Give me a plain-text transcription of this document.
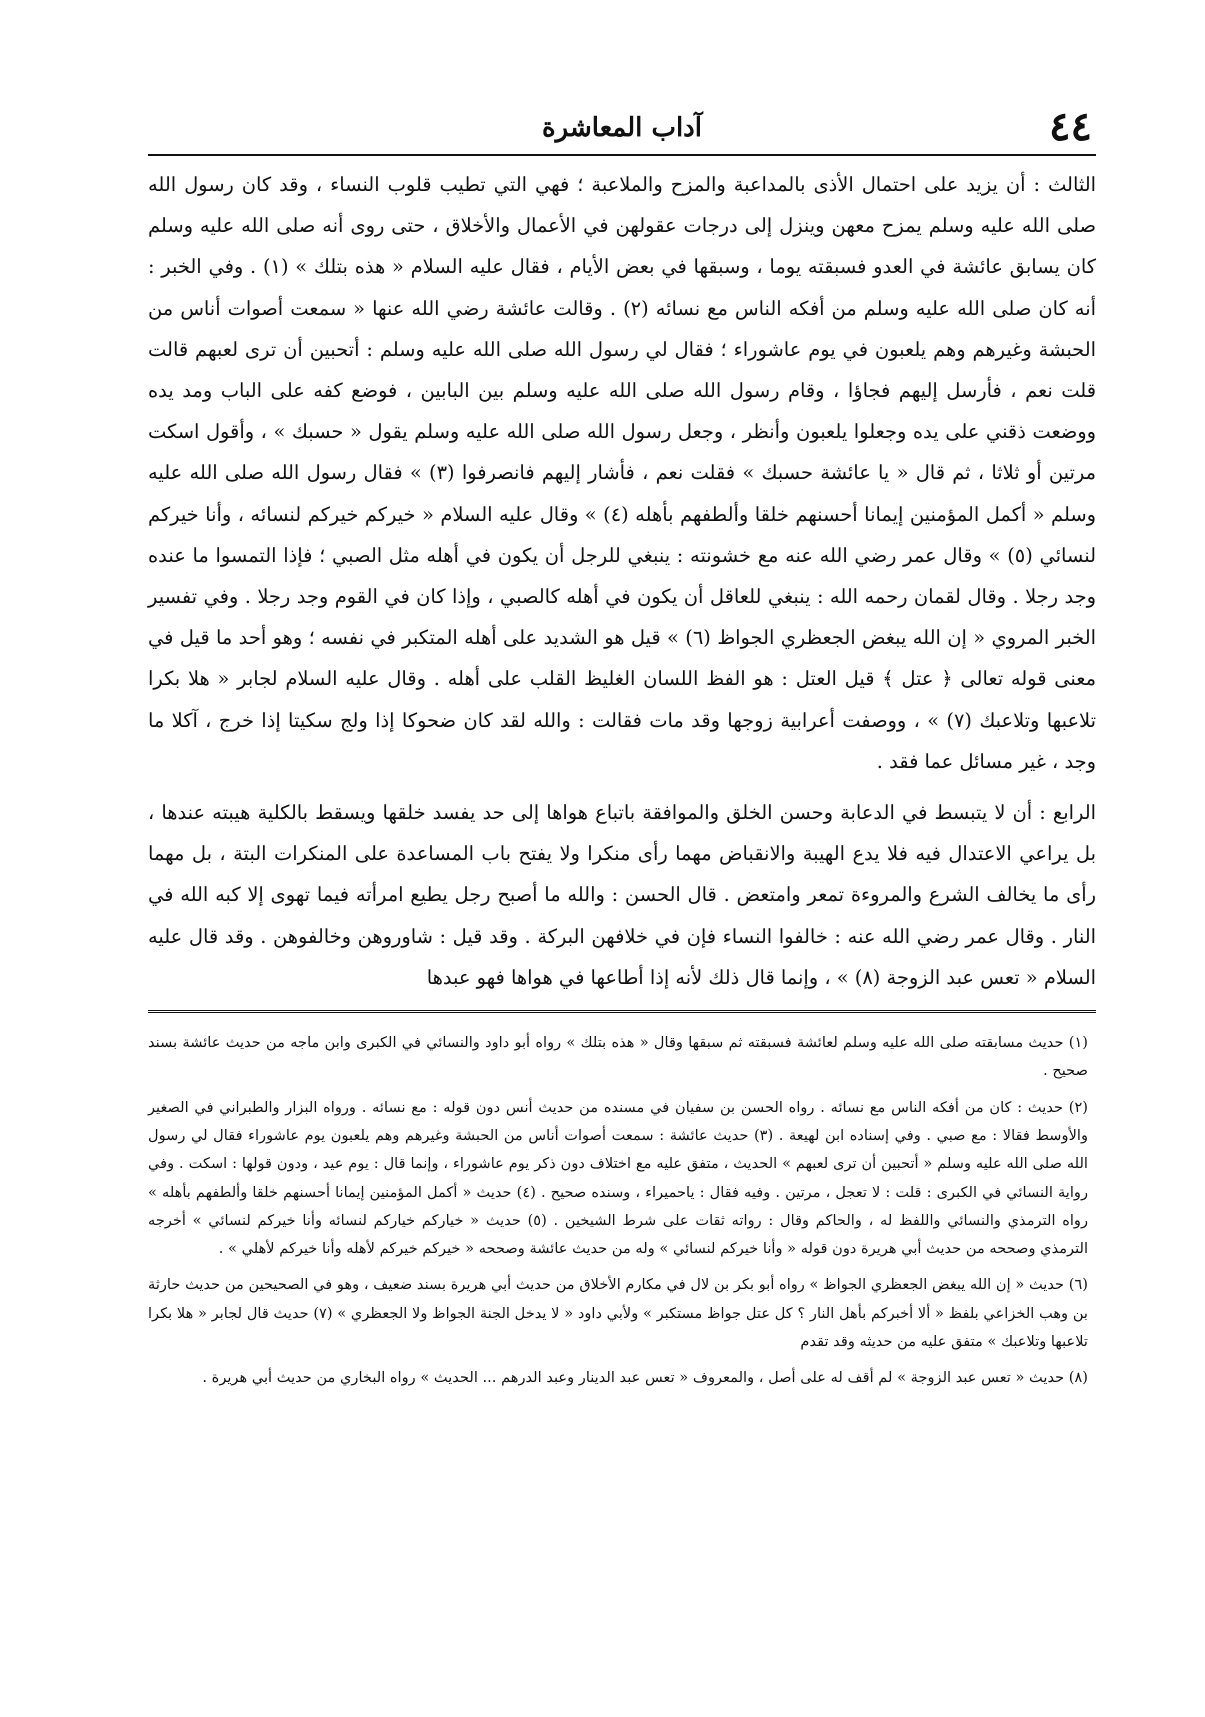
٤٤
آداب المعاشرة

الثالث : أن يزيد على احتمال الأذى بالمداعبة والمزح والملاعبة ؛ فهي التي تطيب قلوب النساء ، وقد كان رسول الله صلى الله عليه وسلم يمزح معهن وينزل إلى درجات عقولهن في الأعمال والأخلاق ، حتى روى أنه صلى الله عليه وسلم كان يسابق عائشة في العدو فسبقته يوما ، وسبقها في بعض الأيام ، فقال عليه السلام « هذه بتلك » (١) . وفي الخبر : أنه كان صلى الله عليه وسلم من أفكه الناس مع نسائه (٢) . وقالت عائشة رضي الله عنها « سمعت أصوات أناس من الحبشة وغيرهم وهم يلعبون في يوم عاشوراء ؛ فقال لي رسول الله صلى الله عليه وسلم : أتحبين أن ترى لعبهم قالت قلت نعم ، فأرسل إليهم فجاؤا ، وقام رسول الله صلى الله عليه وسلم بين البابين ، فوضع كفه على الباب ومد يده ووضعت ذقني على يده وجعلوا يلعبون وأنظر ، وجعل رسول الله صلى الله عليه وسلم يقول « حسبك » ، وأقول اسكت مرتين أو ثلاثا ، ثم قال « يا عائشة حسبك » فقلت نعم ، فأشار إليهم فانصرفوا (٣) » فقال رسول الله صلى الله عليه وسلم « أكمل المؤمنين إيمانا أحسنهم خلقا وألطفهم بأهله (٤) » وقال عليه السلام « خيركم خيركم لنسائه ، وأنا خيركم لنسائي (٥) » وقال عمر رضي الله عنه مع خشونته : ينبغي للرجل أن يكون في أهله مثل الصبي ؛ فإذا التمسوا ما عنده وجد رجلا . وقال لقمان رحمه الله : ينبغي للعاقل أن يكون في أهله كالصبي ، وإذا كان في القوم وجد رجلا . وفي تفسير الخبر المروي « إن الله يبغض الجعظري الجواظ (٦) » قيل هو الشديد على أهله المتكبر في نفسه ؛ وهو أحد ما قيل في معنى قوله تعالى ﴿ عتل ﴾ قيل العتل : هو الفظ اللسان الغليظ القلب على أهله . وقال عليه السلام لجابر « هلا بكرا تلاعبها وتلاعبك (٧) » ، ووصفت أعرابية زوجها وقد مات فقالت : والله لقد كان ضحوكا إذا ولج سكيتا إذا خرج ، آكلا ما وجد ، غير مسائل عما فقد .

الرابع : أن لا يتبسط في الدعابة وحسن الخلق والموافقة باتباع هواها إلى حد يفسد خلقها ويسقط بالكلية هيبته عندها ، بل يراعي الاعتدال فيه فلا يدع الهيبة والانقباض مهما رأى منكرا ولا يفتح باب المساعدة على المنكرات البتة ، بل مهما رأى ما يخالف الشرع والمروءة تمعر وامتعض . قال الحسن : والله ما أصبح رجل يطيع امرأته فيما تهوى إلا كبه الله في النار . وقال عمر رضي الله عنه : خالفوا النساء فإن في خلافهن البركة . وقد قيل : شاوروهن وخالفوهن . وقد قال عليه السلام « تعس عبد الزوجة (٨) » ، وإنما قال ذلك لأنه إذا أطاعها في هواها فهو عبدها

(١) حديث مسابقته صلى الله عليه وسلم لعائشة فسبقته ثم سبقها وقال « هذه بتلك » رواه أبو داود والنسائي في الكبرى وابن ماجه من حديث عائشة بسند صحيح .

(٢) حديث : كان من أفكه الناس مع نسائه . رواه الحسن بن سفيان في مسنده من حديث أنس دون قوله : مع نسائه . ورواه البزار والطبراني في الصغير والأوسط فقالا : مع صبي . وفي إسناده ابن لهيعة . (٣) حديث عائشة : سمعت أصوات أناس من الحبشة وغيرهم وهم يلعبون يوم عاشوراء فقال لي رسول الله صلى الله عليه وسلم « أتحبين أن ترى لعبهم » الحديث ، متفق عليه مع اختلاف دون ذكر يوم عاشوراء ، وإنما قال : يوم عيد ، ودون قولها : اسكت . وفي رواية النسائي في الكبرى : قلت : لا تعجل ، مرتين . وفيه فقال : ياحميراء ، وسنده صحيح . (٤) حديث « أكمل المؤمنين إيمانا أحسنهم خلقا وألطفهم بأهله » رواه الترمذي والنسائي واللفظ له ، والحاكم وقال : رواته ثقات على شرط الشيخين . (٥) حديث « خياركم خياركم لنسائه وأنا خيركم لنسائي » أخرجه الترمذي وصححه من حديث أبي هريرة دون قوله « وأنا خيركم لنسائي » وله من حديث عائشة وصححه « خيركم خيركم لأهله وأنا خيركم لأهلي » .

(٦) حديث « إن الله يبغض الجعظري الجواظ » رواه أبو بكر بن لال في مكارم الأخلاق من حديث أبي هريرة بسند ضعيف ، وهو في الصحيحين من حديث حارثة بن وهب الخزاعي بلفظ « ألا أخبركم بأهل النار ؟ كل عتل جواظ مستكبر » ولأبي داود « لا يدخل الجنة الجواظ ولا الجعظري » (٧) حديث قال لجابر « هلا بكرا تلاعبها وتلاعبك » متفق عليه من حديثه وقد تقدم

(٨) حديث « تعس عبد الزوجة » لم أقف له على أصل ، والمعروف « تعس عبد الدينار وعبد الدرهم ... الحديث » رواه البخاري من حديث أبي هريرة .
